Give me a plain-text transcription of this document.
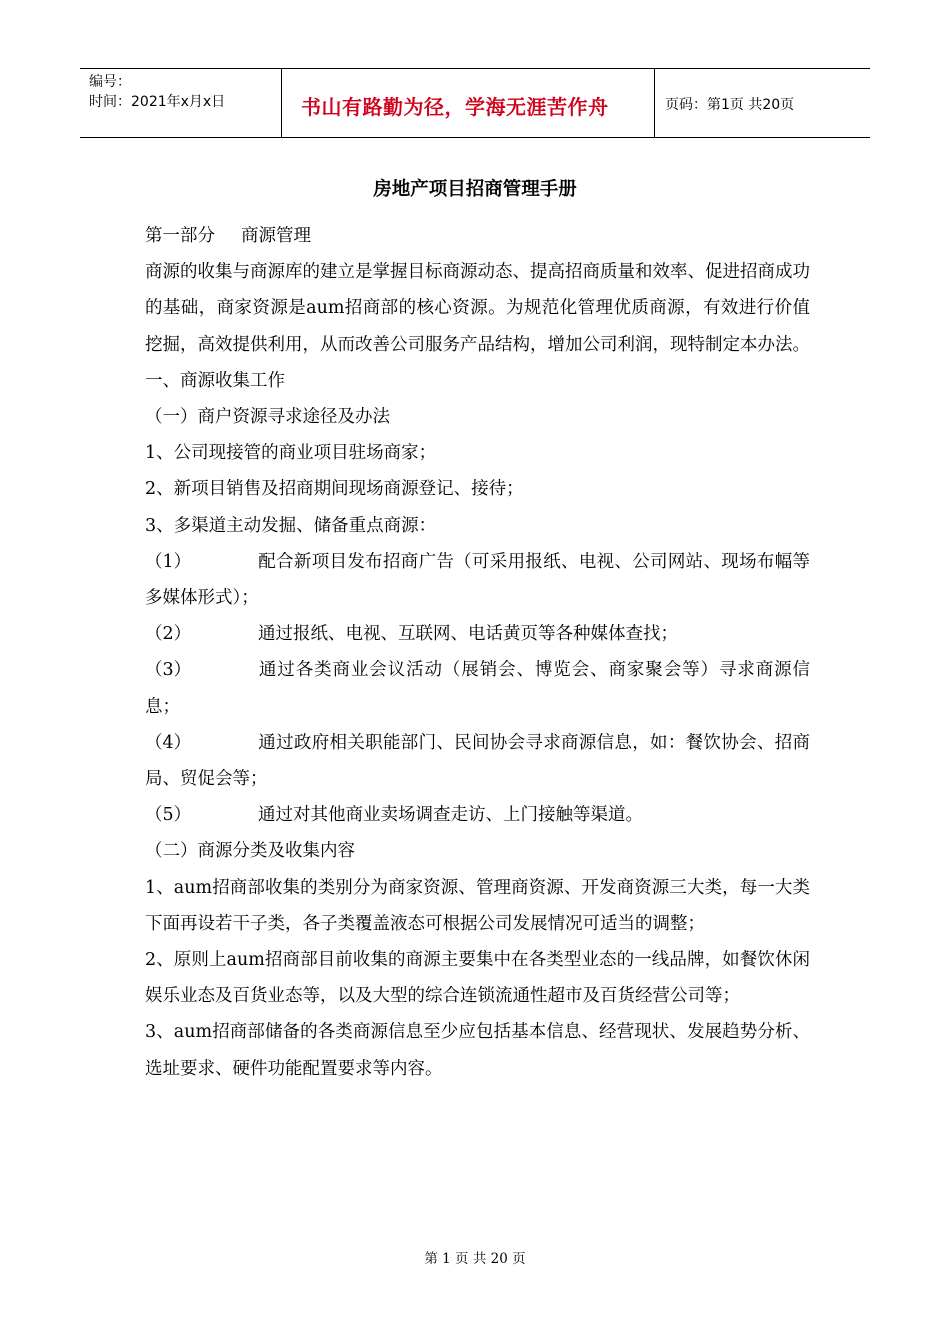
编号：
时间：2021年x月x日	书山有路勤为径，学海无涯苦作舟	页码：第1页 共20页
房地产项目招商管理手册

第一部分 商源管理

商源的收集与商源库的建立是掌握目标商源动态、提高招商质量和效率、促进招商成功的基础，商家资源是aum招商部的核心资源。为规范化管理优质商源，有效进行价值挖掘，高效提供利用，从而改善公司服务产品结构，增加公司利润，现特制定本办法。

一、商源收集工作

（一）商户资源寻求途径及办法

1、公司现接管的商业项目驻场商家；

2、新项目销售及招商期间现场商源登记、接待；

3、多渠道主动发掘、储备重点商源：

（1）	配合新项目发布招商广告（可采用报纸、电视、公司网站、现场布幅等多媒体形式）；

（2）	通过报纸、电视、互联网、电话黄页等各种媒体查找；

（3）	通过各类商业会议活动（展销会、博览会、商家聚会等）寻求商源信息；

（4）	通过政府相关职能部门、民间协会寻求商源信息，如：餐饮协会、招商局、贸促会等；

（5）	通过对其他商业卖场调查走访、上门接触等渠道。

（二）商源分类及收集内容

1、aum招商部收集的类别分为商家资源、管理商资源、开发商资源三大类，每一大类下面再设若干子类，各子类覆盖液态可根据公司发展情况可适当的调整；

2、原则上aum招商部目前收集的商源主要集中在各类型业态的一线品牌，如餐饮休闲娱乐业态及百货业态等，以及大型的综合连锁流通性超市及百货经营公司等；

3、aum招商部储备的各类商源信息至少应包括基本信息、经营现状、发展趋势分析、选址要求、硬件功能配置要求等内容。

第 1 页 共 20 页
